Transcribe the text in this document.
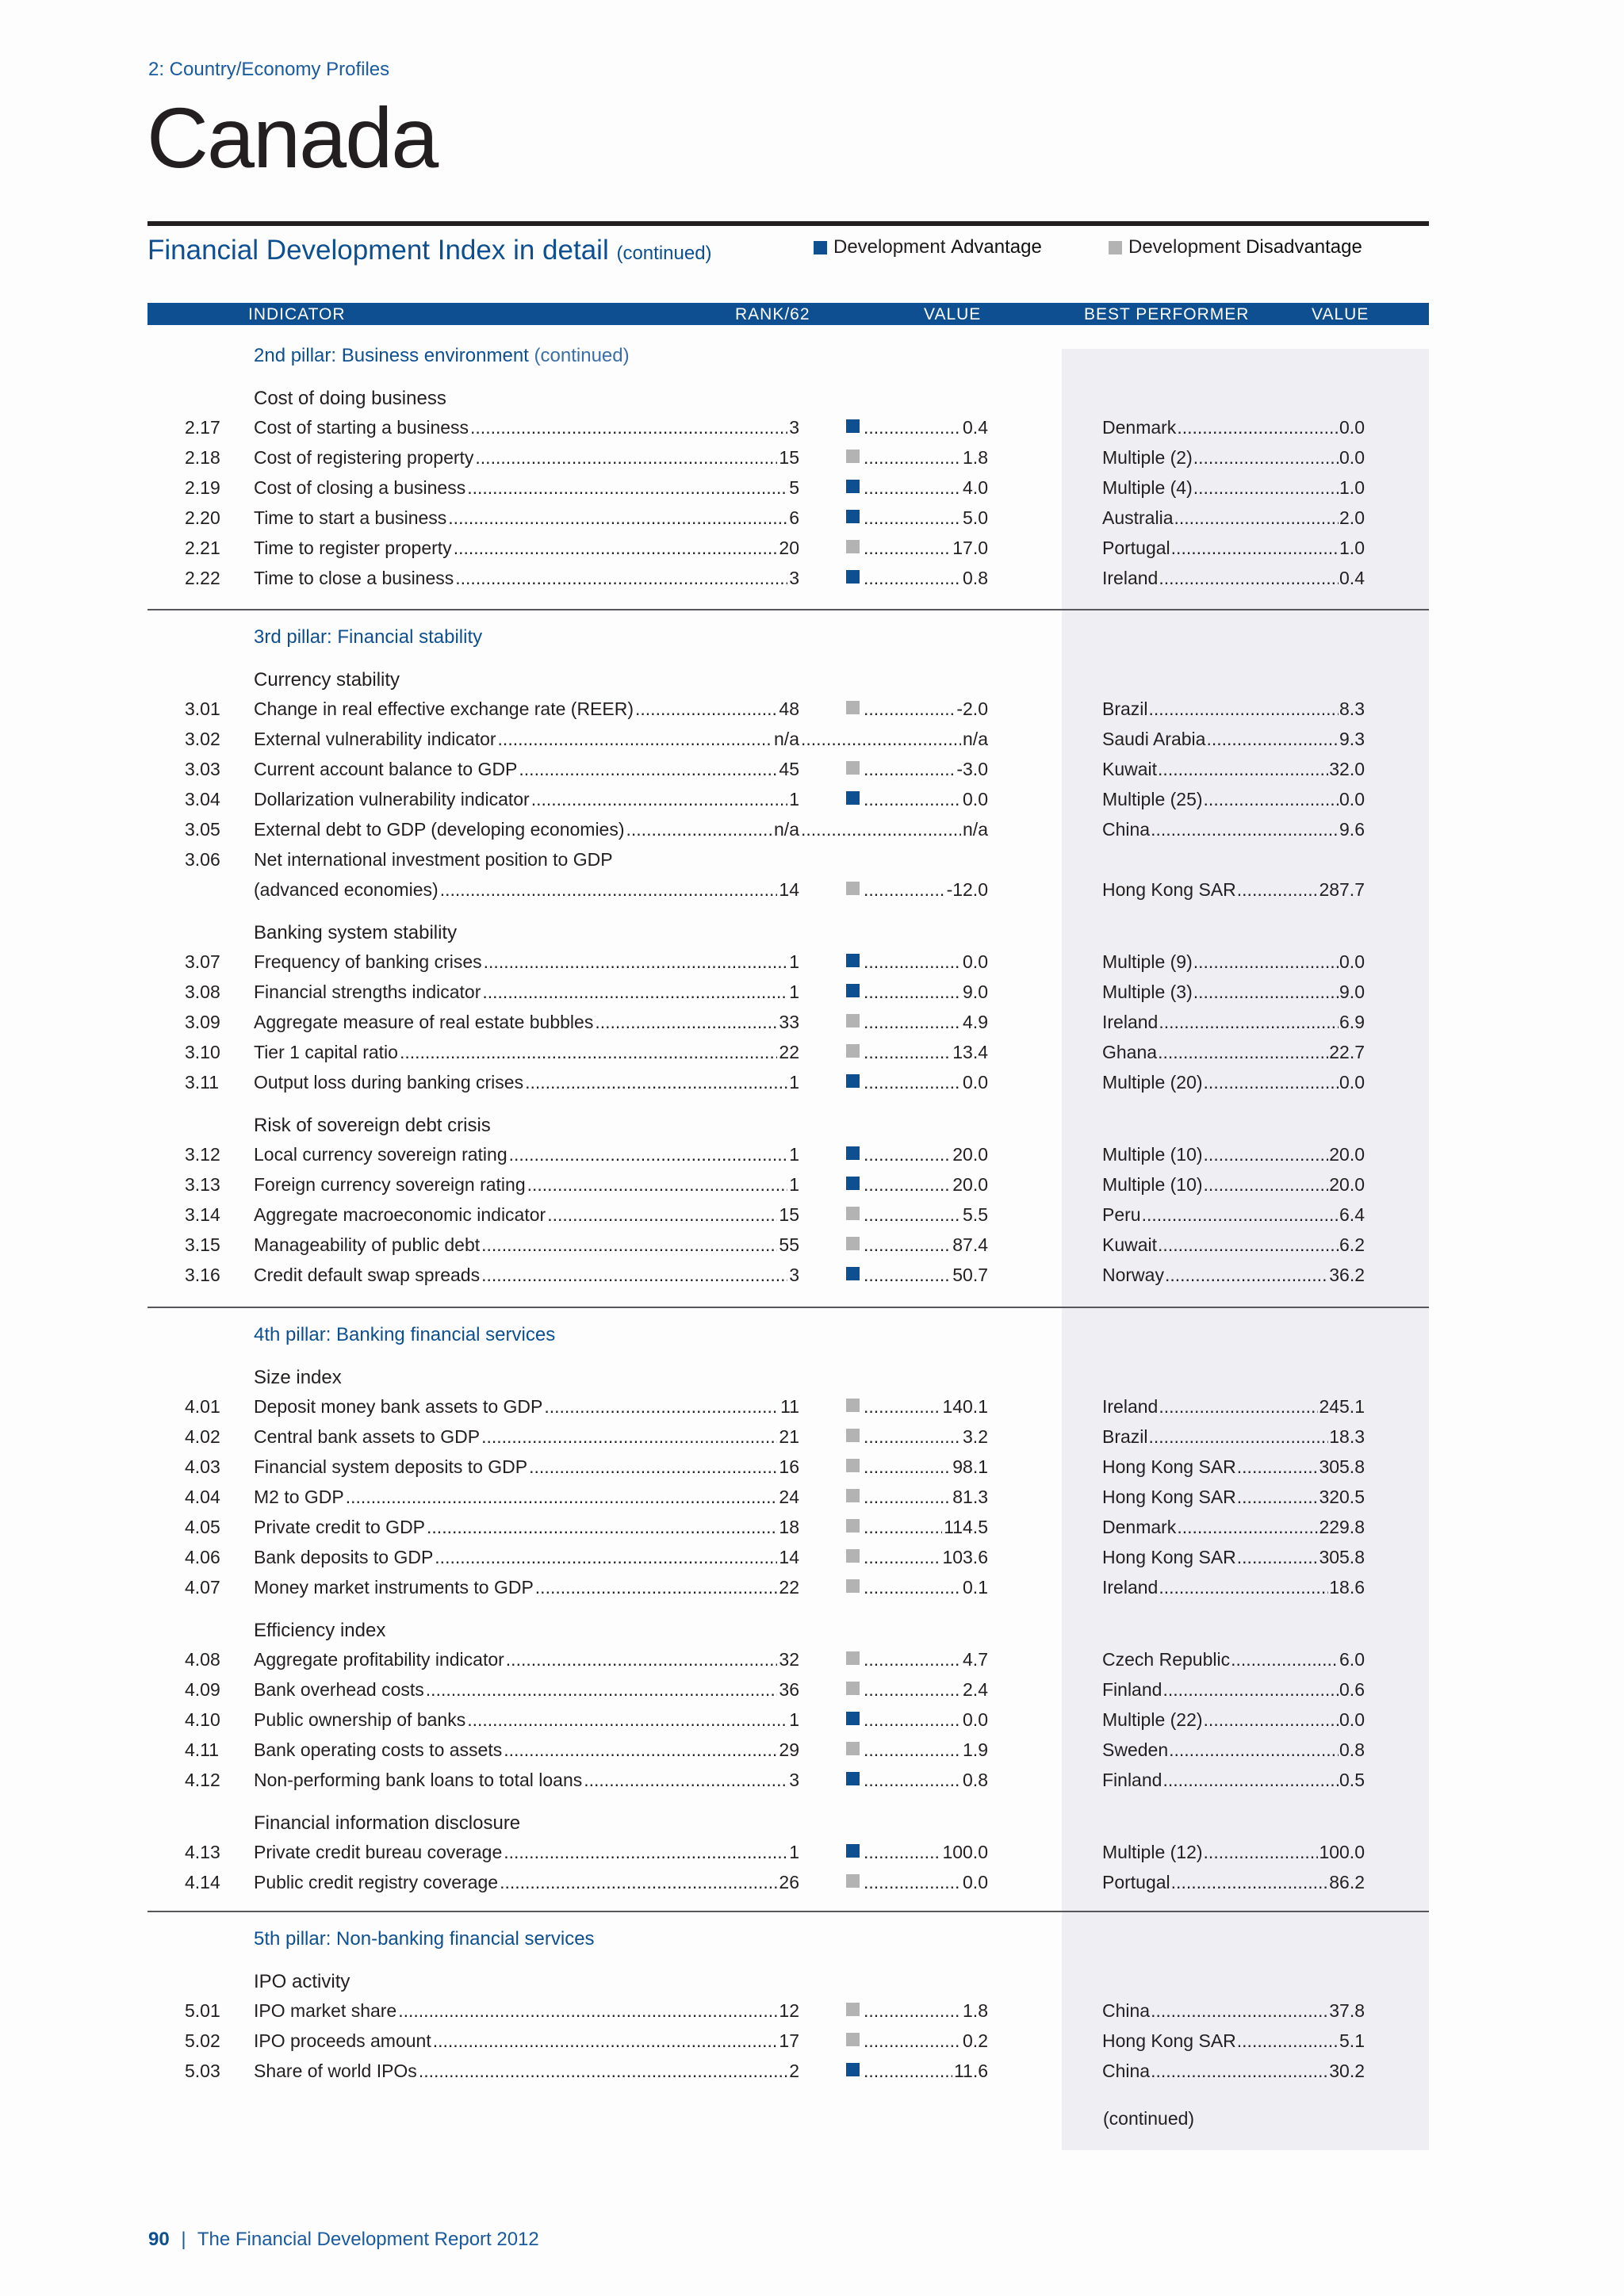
2: Country/Economy Profiles
Canada
Financial Development Index in detail (continued)	Development Advantage	Development Disadvantage
INDICATOR	RANK/62	VALUE	BEST PERFORMER	VALUE
2nd pillar: Business environment (continued)
Cost of doing business
2.17 Cost of starting a business .....	3 .....	0.4	Denmark .....	0.0
2.18 Cost of registering property .....	15 .....	1.8	Multiple (2) .....	0.0
2.19 Cost of closing a business .....	5 .....	4.0	Multiple (4) .....	1.0
2.20 Time to start a business .....	6 .....	5.0	Australia .....	2.0
2.21 Time to register property .....	20 .....	17.0	Portugal .....	1.0
2.22 Time to close a business .....	3 .....	0.8	Ireland .....	0.4
3rd pillar: Financial stability
Currency stability
3.01 Change in real effective exchange rate (REER) .....	48 .....	-2.0	Brazil .....	8.3
3.02 External vulnerability indicator .....	n/a .....	n/a	Saudi Arabia .....	9.3
3.03 Current account balance to GDP .....	45 .....	-3.0	Kuwait .....	32.0
3.04 Dollarization vulnerability indicator .....	1 .....	0.0	Multiple (25) .....	0.0
3.05 External debt to GDP (developing economies) .....	n/a .....	n/a	China .....	9.6
3.06 Net international investment position to GDP
(advanced economies) .....	14 .....	-12.0	Hong Kong SAR .....	287.7
Banking system stability
3.07 Frequency of banking crises .....	1 .....	0.0	Multiple (9) .....	0.0
3.08 Financial strengths indicator .....	1 .....	9.0	Multiple (3) .....	9.0
3.09 Aggregate measure of real estate bubbles .....	33 .....	4.9	Ireland .....	6.9
3.10 Tier 1 capital ratio .....	22 .....	13.4	Ghana .....	22.7
3.11 Output loss during banking crises .....	1 .....	0.0	Multiple (20) .....	0.0
Risk of sovereign debt crisis
3.12 Local currency sovereign rating .....	1 .....	20.0	Multiple (10) .....	20.0
3.13 Foreign currency sovereign rating .....	1 .....	20.0	Multiple (10) .....	20.0
3.14 Aggregate macroeconomic indicator .....	15 .....	5.5	Peru .....	6.4
3.15 Manageability of public debt .....	55 .....	87.4	Kuwait .....	6.2
3.16 Credit default swap spreads .....	3 .....	50.7	Norway .....	36.2
4th pillar: Banking financial services
Size index
4.01 Deposit money bank assets to GDP .....	11 .....	140.1	Ireland .....	245.1
4.02 Central bank assets to GDP .....	21 .....	3.2	Brazil .....	18.3
4.03 Financial system deposits to GDP .....	16 .....	98.1	Hong Kong SAR .....	305.8
4.04 M2 to GDP .....	24 .....	81.3	Hong Kong SAR .....	320.5
4.05 Private credit to GDP .....	18 .....	114.5	Denmark .....	229.8
4.06 Bank deposits to GDP .....	14 .....	103.6	Hong Kong SAR .....	305.8
4.07 Money market instruments to GDP .....	22 .....	0.1	Ireland .....	18.6
Efficiency index
4.08 Aggregate profitability indicator .....	32 .....	4.7	Czech Republic .....	6.0
4.09 Bank overhead costs .....	36 .....	2.4	Finland .....	0.6
4.10 Public ownership of banks .....	1 .....	0.0	Multiple (22) .....	0.0
4.11 Bank operating costs to assets .....	29 .....	1.9	Sweden .....	0.8
4.12 Non-performing bank loans to total loans .....	3 .....	0.8	Finland .....	0.5
Financial information disclosure
4.13 Private credit bureau coverage .....	1 .....	100.0	Multiple (12) .....	100.0
4.14 Public credit registry coverage .....	26 .....	0.0	Portugal .....	86.2
5th pillar: Non-banking financial services
IPO activity
5.01 IPO market share .....	12 .....	1.8	China .....	37.8
5.02 IPO proceeds amount .....	17 .....	0.2	Hong Kong SAR .....	5.1
5.03 Share of world IPOs .....	2 .....	11.6	China .....	30.2
(continued)
90 | The Financial Development Report 2012
